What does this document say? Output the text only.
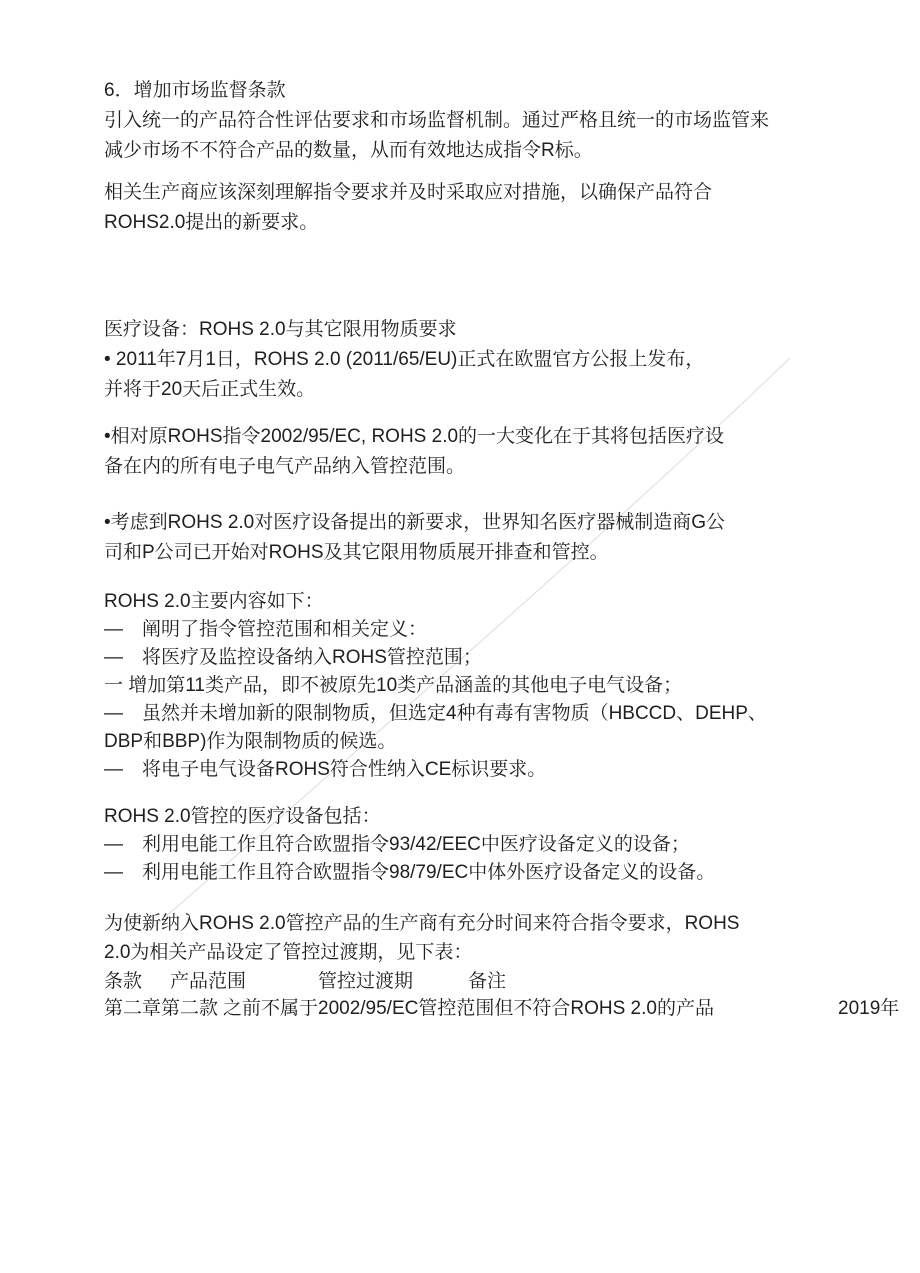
6．增加市场监督条款
引入统一的产品符合性评估要求和市场监督机制。通过严格且统一的市场监管来
减少市场不不符合产品的数量，从而有效地达成指令R标。
相关生产商应该深刻理解指令要求并及时采取应对措施，以确保产品符合
ROHS2.0提出的新要求。
医疗设备：ROHS 2.0与其它限用物质要求
• 2011年7月1日，ROHS 2.0 (2011/65/EU)正式在欧盟官方公报上发布，
并将于20天后正式生效。
•相对原ROHS指令2002/95/EC, ROHS 2.0的一大变化在于其将包括医疗设
备在内的所有电子电气产品纳入管控范围。
•考虑到ROHS 2.0对医疗设备提出的新要求，世界知名医疗器械制造商G公
司和P公司已开始对ROHS及其它限用物质展开排查和管控。
ROHS 2.0主要内容如下：
—　阐明了指令管控范围和相关定义：
—　将医疗及监控设备纳入ROHS管控范围；
一 增加第11类产品，即不被原先10类产品涵盖的其他电子电气设备；
—　虽然并未增加新的限制物质，但选定4种有毒有害物质（HBCCD、DEHP、
DBP和BBP)作为限制物质的候选。
—　将电子电气设备ROHS符合性纳入CE标识要求。
ROHS 2.0管控的医疗设备包括：
—　利用电能工作且符合欧盟指令93/42/EEC中医疗设备定义的设备；
—　利用电能工作且符合欧盟指令98/79/EC中体外医疗设备定义的设备。
为使新纳入ROHS 2.0管控产品的生产商有充分时间来符合指令要求，ROHS
2.0为相关产品设定了管控过渡期，见下表：
条款 产品范围	管控过渡期	备注
第二章第二款 之前不属于2002/95/EC管控范围但不符合ROHS 2.0的产品	2019年
